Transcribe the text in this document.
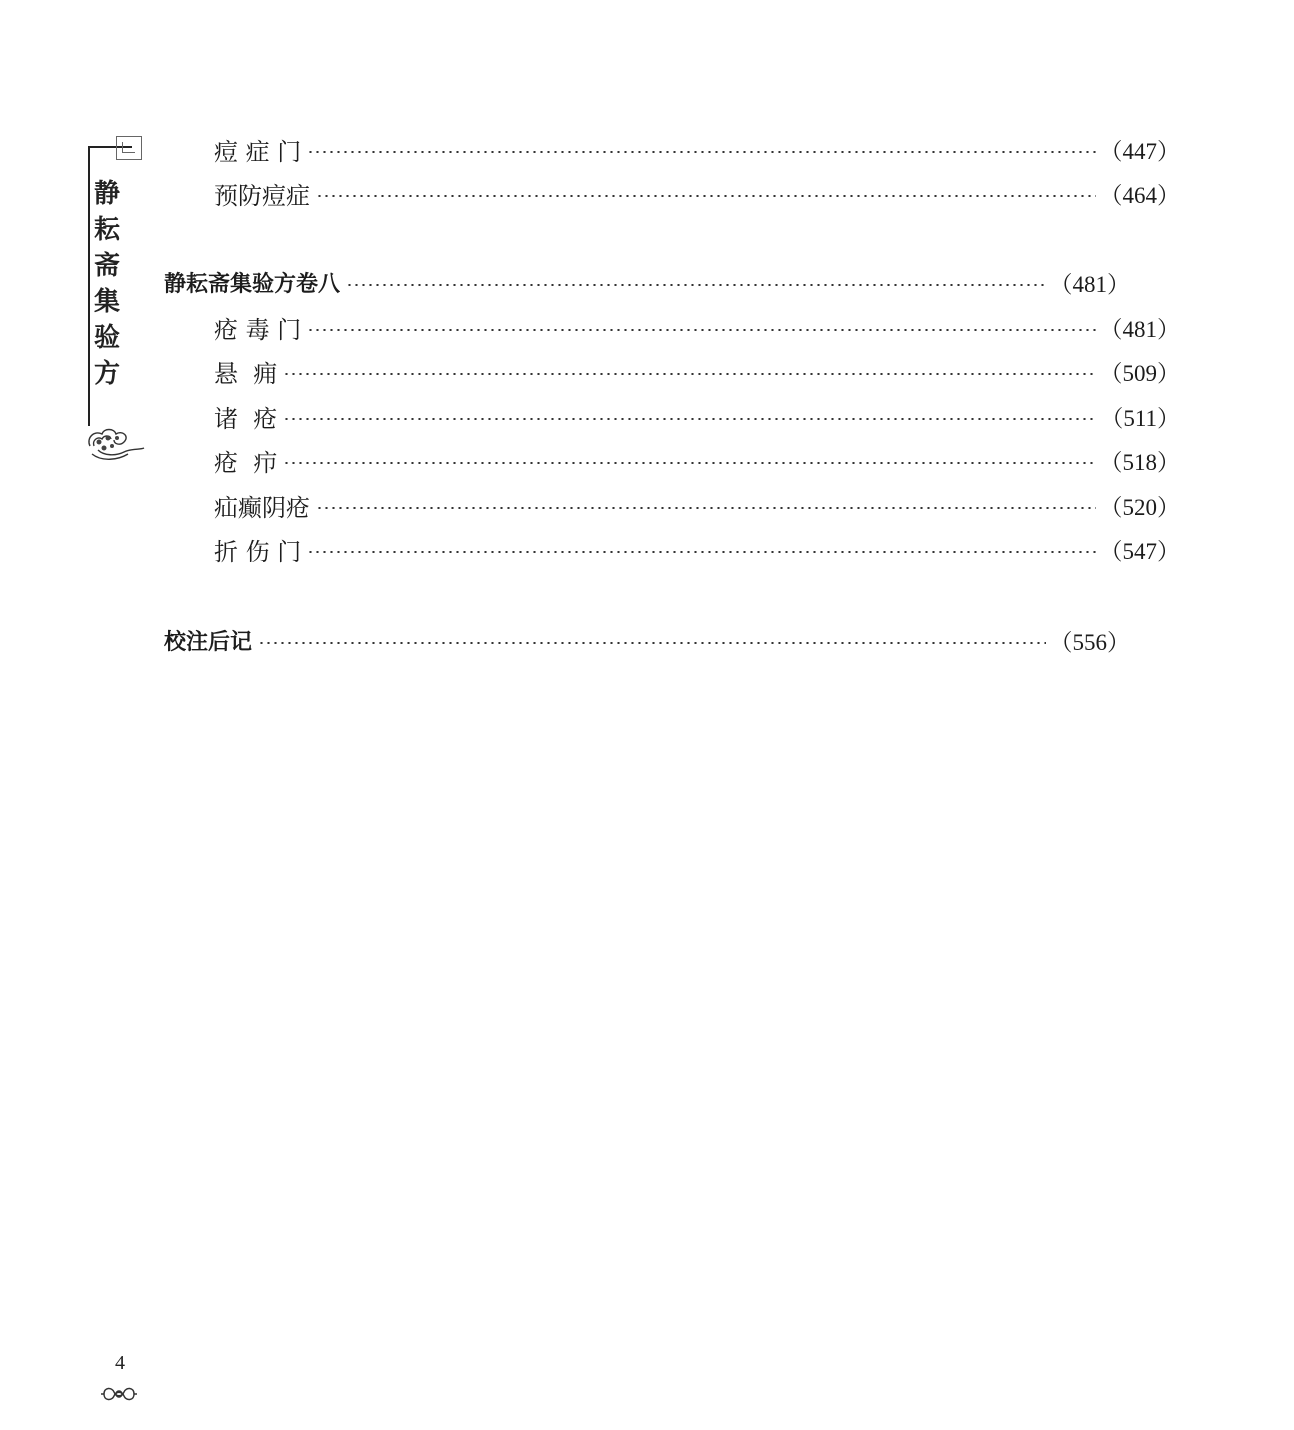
静耘斋集验方
痘 症 门	（447）
预防痘症	（464）
静耘斋集验方卷八	（481）
疮 毒 门	（481）
悬  痈	（509）
诸  疮	（511）
疮  疖	（518）
疝癫阴疮	（520）
折 伤 门	（547）
校注后记	（556）
4
